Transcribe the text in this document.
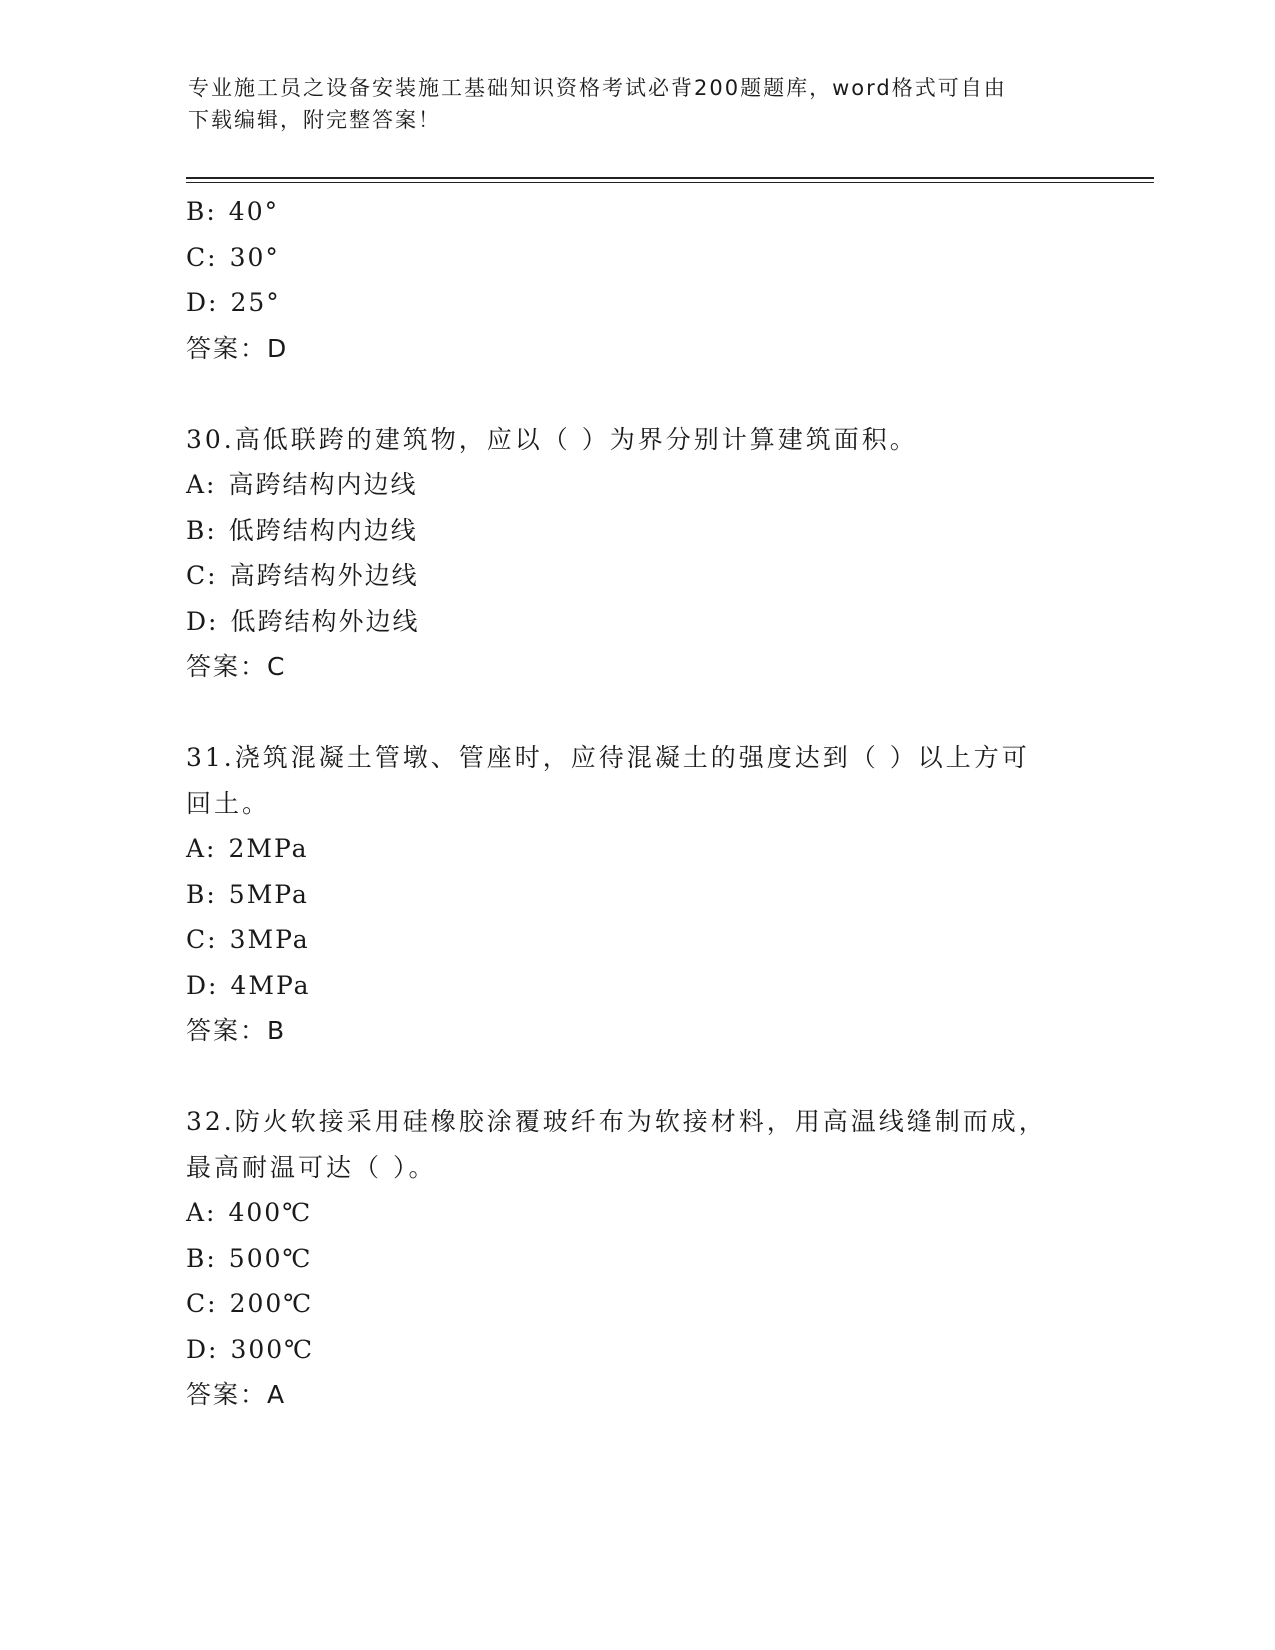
专业施工员之设备安装施工基础知识资格考试必背200题题库，word格式可自由
下载编辑，附完整答案！
B: 40°
C: 30°
D: 25°
答案：D
30.高低联跨的建筑物，应以（ ）为界分别计算建筑面积。
A: 高跨结构内边线
B: 低跨结构内边线
C: 高跨结构外边线
D: 低跨结构外边线
答案：C
31.浇筑混凝土管墩、管座时，应待混凝土的强度达到（ ）以上方可
回土。
A: 2MPa
B: 5MPa
C: 3MPa
D: 4MPa
答案：B
32.防火软接采用硅橡胶涂覆玻纤布为软接材料，用高温线缝制而成，
最高耐温可达（ ）。
A: 400℃
B: 500℃
C: 200℃
D: 300℃
答案：A
